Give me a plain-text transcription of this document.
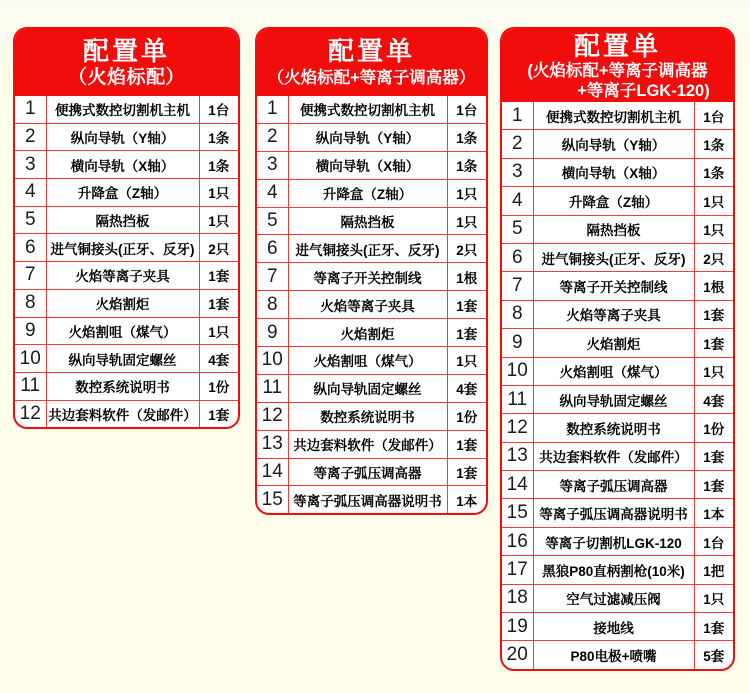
配置单
（火焰标配）
1	便携式数控切割机主机	1台
2	纵向导轨（Y轴）	1条
3	横向导轨（X轴）	1条
4	升降盒（Z轴）	1只
5	隔热挡板	1只
6	进气铜接头(正牙、反牙)	2只
7	火焰等离子夹具	1套
8	火焰割炬	1套
9	火焰割咀（煤气）	1只
10	纵向导轨固定螺丝	4套
11	数控系统说明书	1份
12	共边套料软件（发邮件）	1套
配置单
（火焰标配+等离子调高器）
1	便携式数控切割机主机	1台
2	纵向导轨（Y轴）	1条
3	横向导轨（X轴）	1条
4	升降盒（Z轴）	1只
5	隔热挡板	1只
6	进气铜接头(正牙、反牙)	2只
7	等离子开关控制线	1根
8	火焰等离子夹具	1套
9	火焰割炬	1套
10	火焰割咀（煤气）	1只
11	纵向导轨固定螺丝	4套
12	数控系统说明书	1份
13	共边套料软件（发邮件）	1套
14	等离子弧压调高器	1套
15	等离子弧压调高器说明书	1本
配置单
(火焰标配+等离子调高器
+等离子LGK-120)
1	便携式数控切割机主机	1台
2	纵向导轨（Y轴）	1条
3	横向导轨（X轴）	1条
4	升降盒（Z轴）	1只
5	隔热挡板	1只
6	进气铜接头(正牙、反牙)	2只
7	等离子开关控制线	1根
8	火焰等离子夹具	1套
9	火焰割炬	1套
10	火焰割咀（煤气）	1只
11	纵向导轨固定螺丝	4套
12	数控系统说明书	1份
13	共边套料软件（发邮件）	1套
14	等离子弧压调高器	1套
15	等离子弧压调高器说明书	1本
16	等离子切割机LGK-120	1台
17	黑狼P80直柄割枪(10米)	1把
18	空气过滤减压阀	1只
19	接地线	1套
20	P80电极+喷嘴	5套
